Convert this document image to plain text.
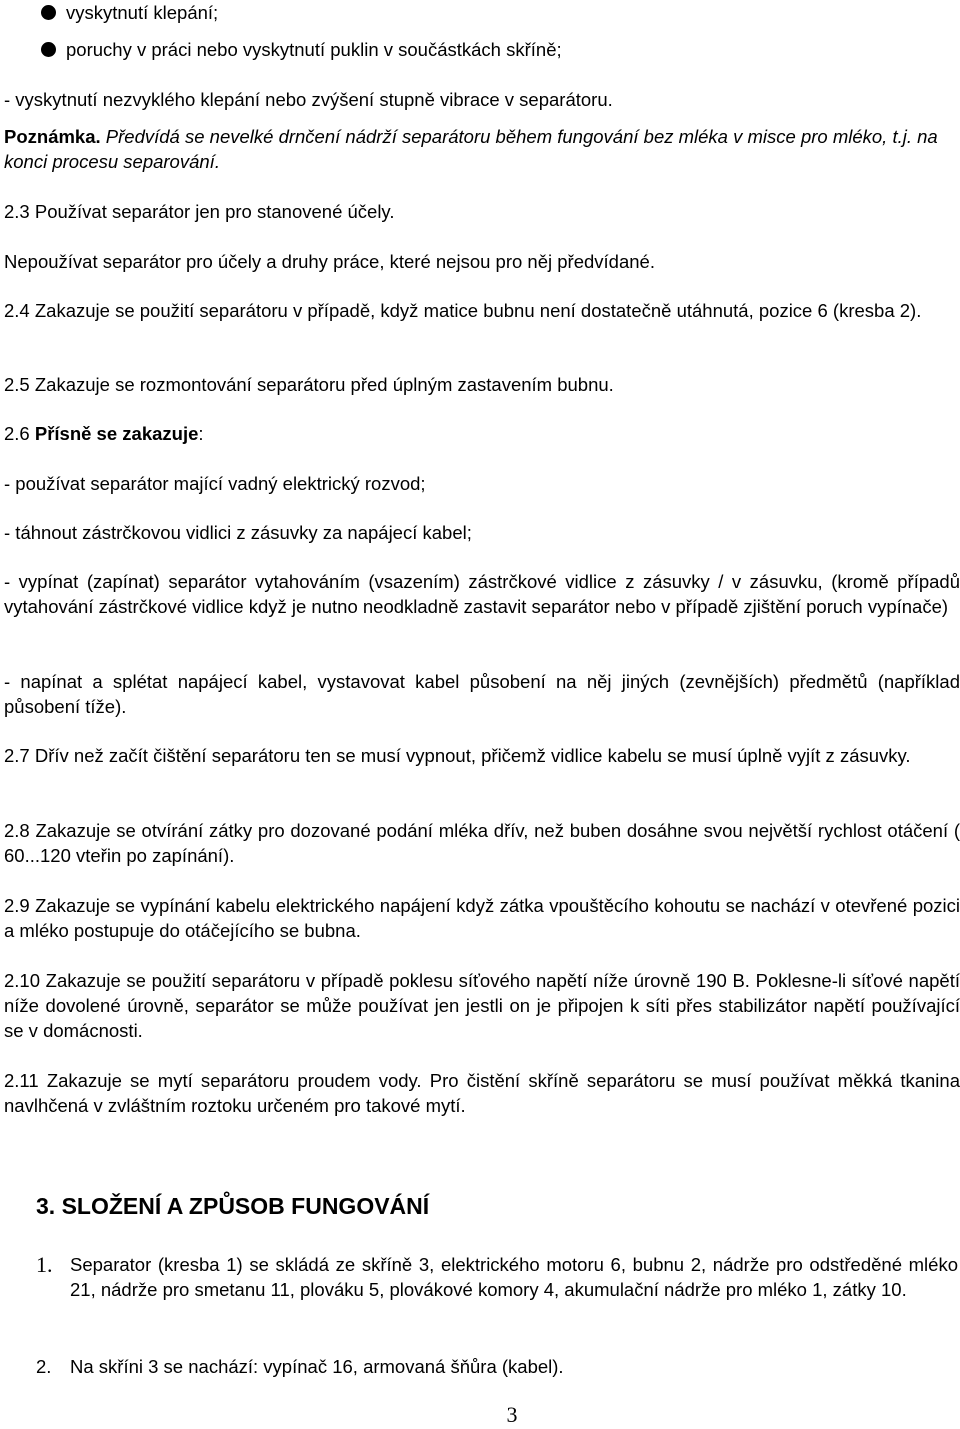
vyskytnutí klepání;

poruchy v práci nebo vyskytnutí puklin v součástkách skříně;

- vyskytnutí nezvyklého klepání nebo zvýšení stupně vibrace v separátoru.

Poznámka. Předvídá se nevelké drnčení nádrží separátoru během fungování bez mléka v misce pro mléko, t.j. na konci procesu separování.

2.3 Používat separátor jen pro stanovené účely.

Nepoužívat separátor pro účely a druhy práce, které nejsou pro něj předvídané.

2.4 Zakazuje se použití separátoru v případě, když matice bubnu není dostatečně utáhnutá, pozice 6 (kresba 2).

2.5 Zakazuje se rozmontování separátoru před úplným zastavením bubnu.

2.6 Přísně se zakazuje:

- používat separátor mající vadný elektrický rozvod;

- táhnout zástrčkovou vidlici z zásuvky za napájecí kabel;

- vypínat (zapínat) separátor vytahováním (vsazením) zástrčkové vidlice z zásuvky / v zásuvku, (kromě případů vytahování zástrčkové vidlice když je nutno neodkladně zastavit separátor nebo v případě zjištění poruch vypínače)

- napínat a splétat napájecí kabel, vystavovat kabel působení na něj jiných (zevnějších) předmětů (například působení tíže).

2.7 Dřív než začít čištění separátoru ten se musí vypnout, přičemž vidlice kabelu se musí úplně vyjít z zásuvky.

2.8 Zakazuje se otvírání zátky pro dozované podání mléka dřív, než buben dosáhne svou největší rychlost otáčení ( 60...120 vteřin po zapínání).

2.9 Zakazuje se vypínání kabelu elektrického napájení když zátka vpouštěcího kohoutu se nachází v otevřené pozici a mléko postupuje do otáčejícího se bubna.

2.10 Zakazuje se použití separátoru v případě poklesu síťového napětí níže úrovně 190 B. Poklesne-li síťové napětí níže dovolené úrovně, separátor se může používat jen jestli on je připojen k síti přes stabilizátor napětí používající se v domácnosti.

2.11 Zakazuje se mytí separátoru proudem vody. Pro čistění skříně separátoru se musí používat měkká tkanina navlhčená v zvláštním roztoku určeném pro takové mytí.

3. SLOŽENÍ A ZPŮSOB FUNGOVÁNÍ
1. Separator (kresba 1) se skládá ze skříně 3, elektrického motoru 6, bubnu 2, nádrže pro odstředěné mléko 21, nádrže pro smetanu 11, plováku 5, plovákové komory 4, akumulační nádrže pro mléko 1, zátky 10.

2. Na skříni 3 se nachází: vypínač 16, armovaná šňůra (kabel).

3
